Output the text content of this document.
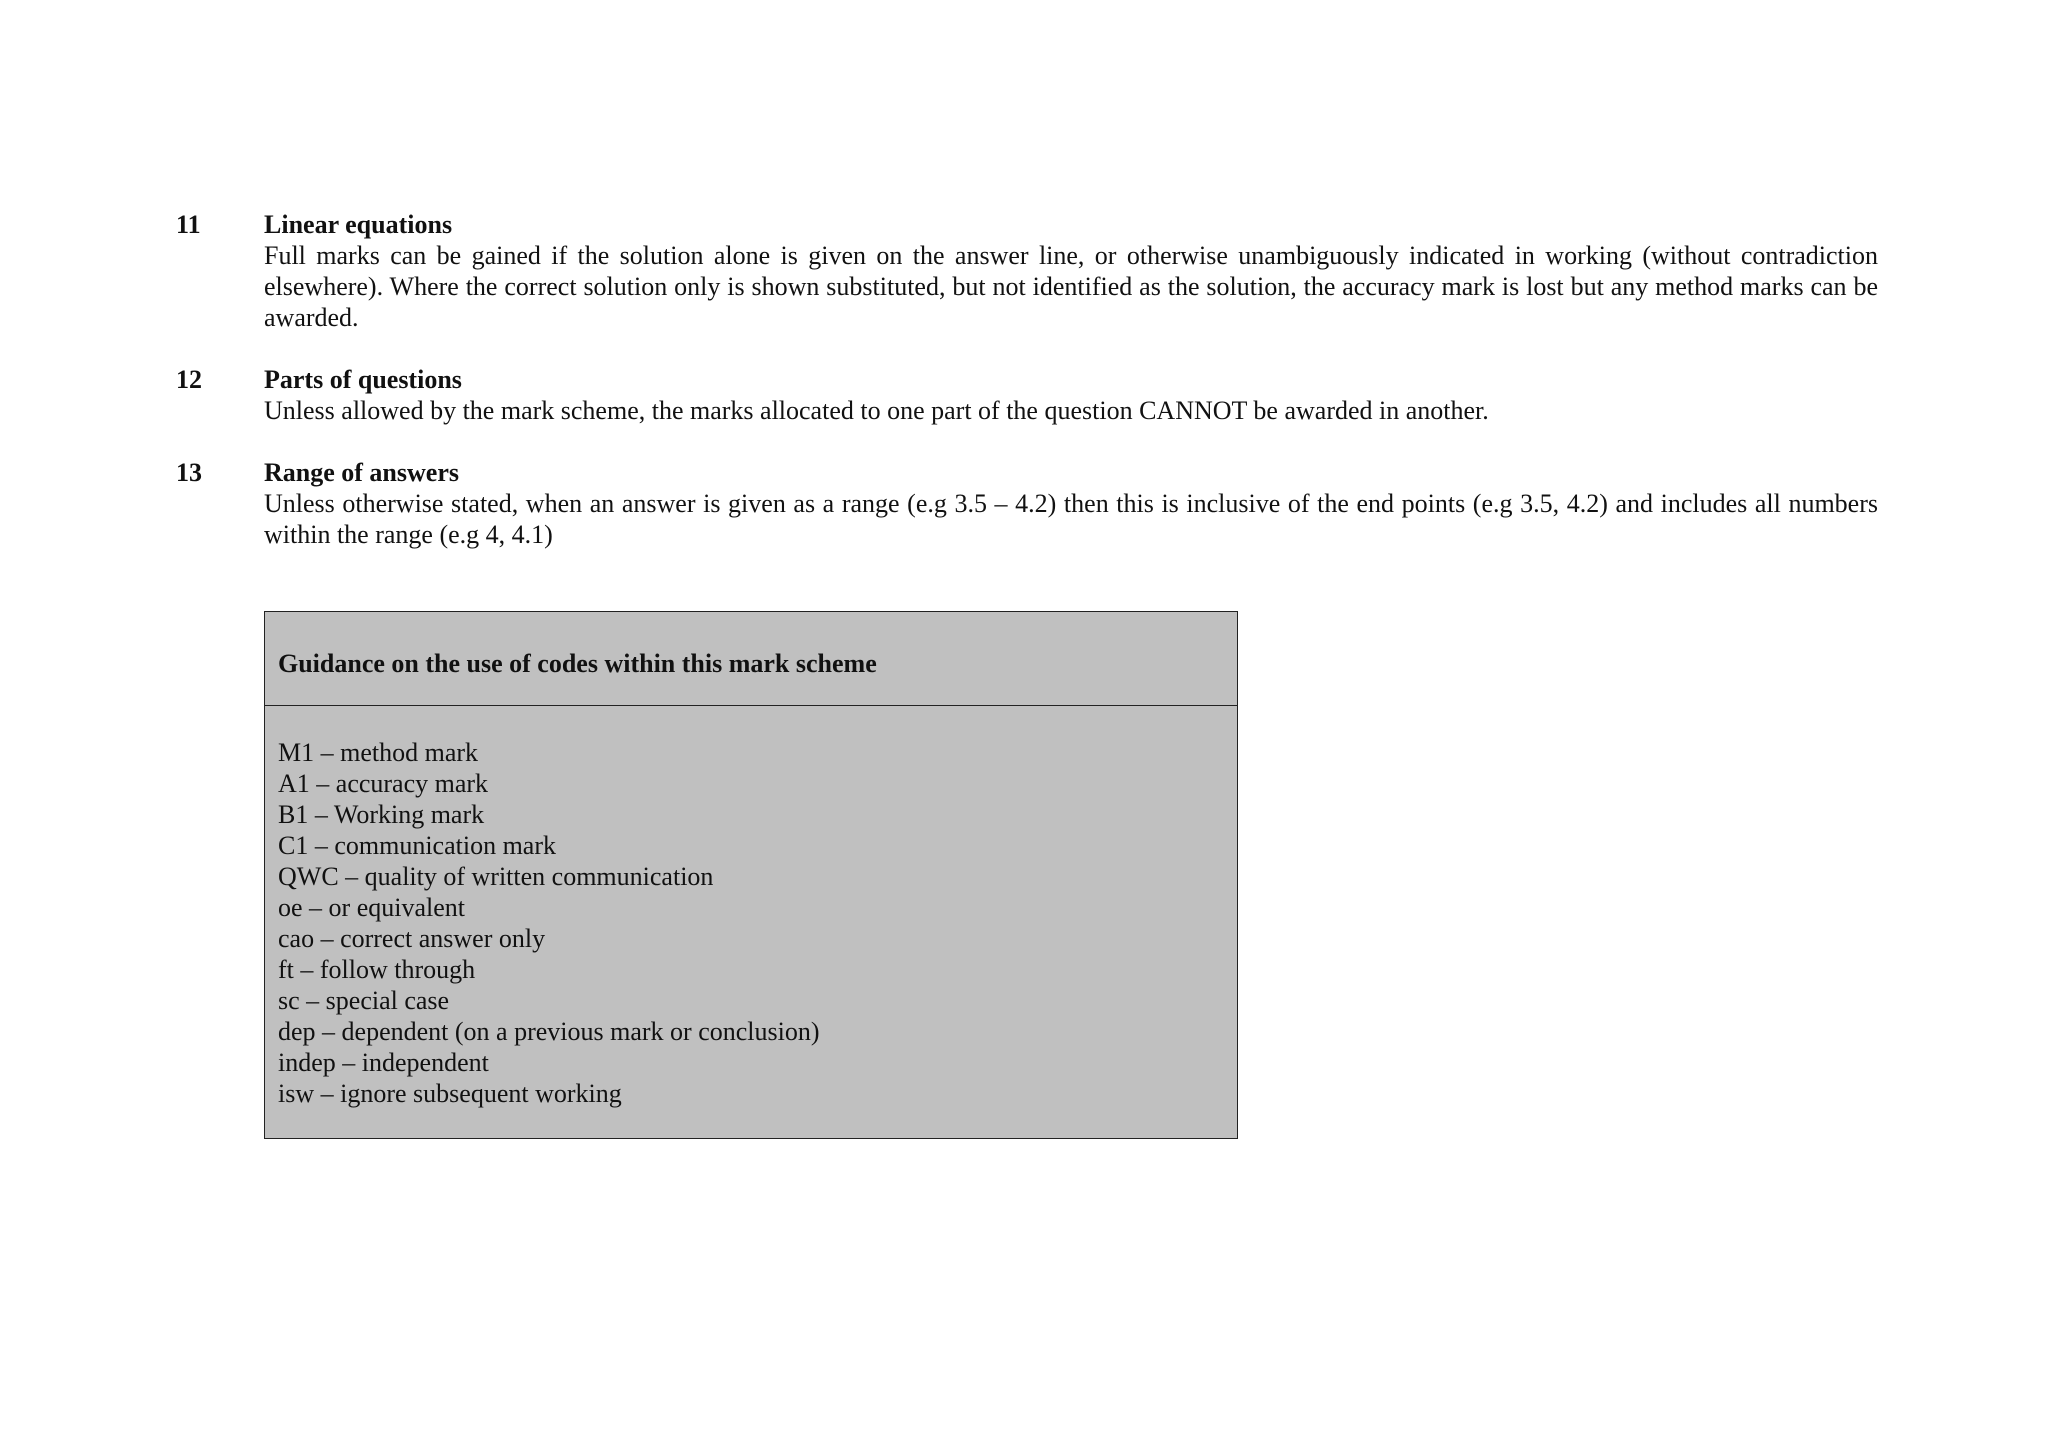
11	Linear equations

Full marks can be gained if the solution alone is given on the answer line, or otherwise unambiguously indicated in working (without contradiction elsewhere). Where the correct solution only is shown substituted, but not identified as the solution, the accuracy mark is lost but any method marks can be awarded.

12	Parts of questions

Unless allowed by the mark scheme, the marks allocated to one part of the question CANNOT be awarded in another.

13	Range of answers

Unless otherwise stated, when an answer is given as a range (e.g 3.5 – 4.2) then this is inclusive of the end points (e.g 3.5, 4.2) and includes all numbers within the range (e.g 4, 4.1)

Guidance on the use of codes within this mark scheme

M1 – method mark
A1 – accuracy mark
B1 – Working mark
C1 – communication mark
QWC – quality of written communication
oe – or equivalent
cao – correct answer only
ft – follow through
sc – special case
dep – dependent (on a previous mark or conclusion)
indep – independent
isw – ignore subsequent working
